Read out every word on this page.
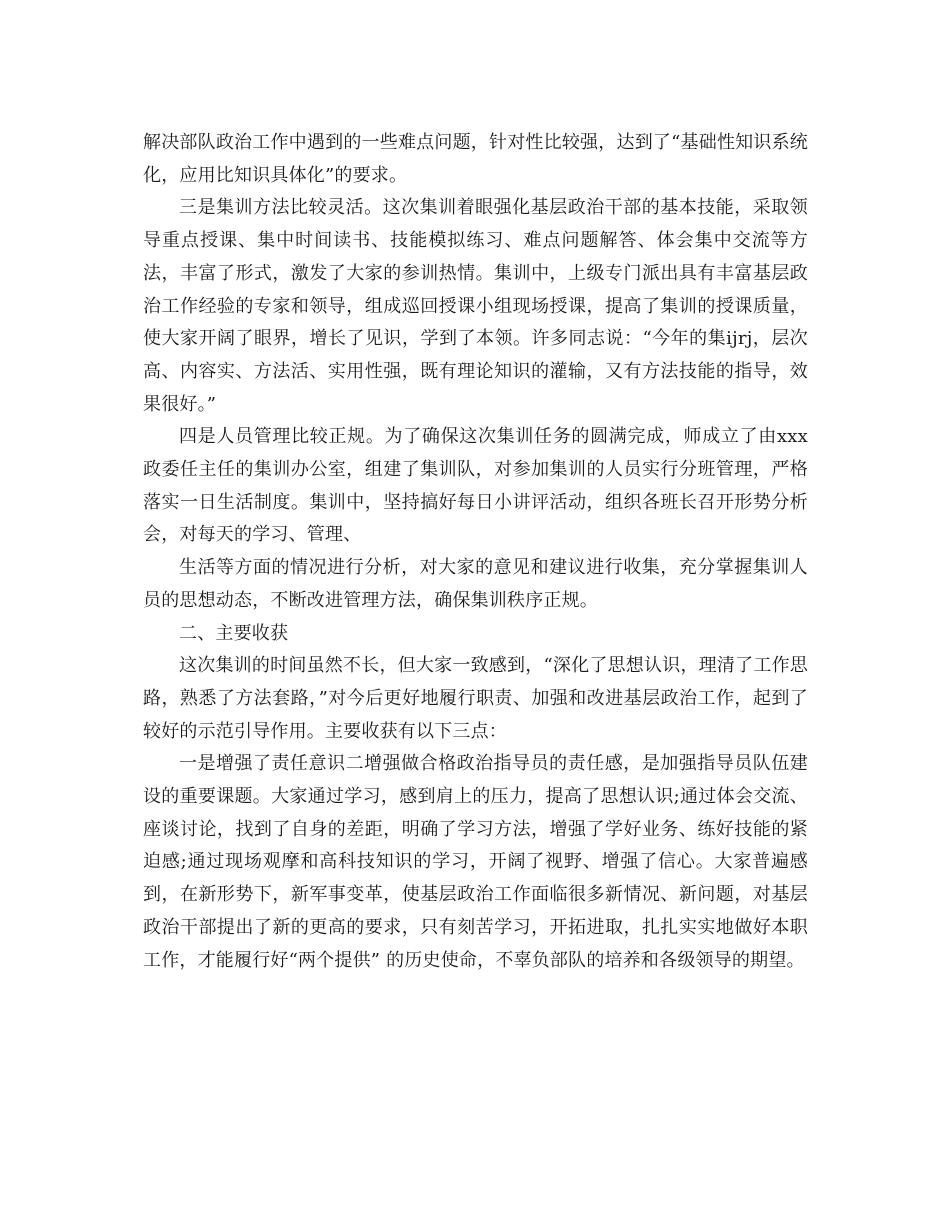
解决部队政治工作中遇到的一些难点问题，针对性比较强，达到了“基础性知识系统化，应用比知识具体化”的要求。

三是集训方法比较灵活。这次集训着眼强化基层政治干部的基本技能，采取领导重点授课、集中时间读书、技能模拟练习、难点问题解答、体会集中交流等方法，丰富了形式，激发了大家的参训热情。集训中，上级专门派出具有丰富基层政治工作经验的专家和领导，组成巡回授课小组现场授课，提高了集训的授课质量，使大家开阔了眼界，增长了见识，学到了本领。许多同志说：“今年的集ijrj，层次高、内容实、方法活、实用性强，既有理论知识的灌输，又有方法技能的指导，效果很好。”

四是人员管理比较正规。为了确保这次集训任务的圆满完成，师成立了由xxx政委任主任的集训办公室，组建了集训队，对参加集训的人员实行分班管理，严格落实一日生活制度。集训中，坚持搞好每日小讲评活动，组织各班长召开形势分析会，对每天的学习、管理、

生活等方面的情况进行分析，对大家的意见和建议进行收集，充分掌握集训人员的思想动态，不断改进管理方法，确保集训秩序正规。

二、主要收获

这次集训的时间虽然不长，但大家一致感到，“深化了思想认识，理清了工作思路，熟悉了方法套路，”对今后更好地履行职责、加强和改进基层政治工作，起到了较好的示范引导作用。主要收获有以下三点：

一是增强了责任意识二增强做合格政治指导员的责任感，是加强指导员队伍建设的重要课题。大家通过学习，感到肩上的压力，提高了思想认识;通过体会交流、座谈讨论，找到了自身的差距，明确了学习方法，增强了学好业务、练好技能的紧迫感;通过现场观摩和高科技知识的学习，开阔了视野、增强了信心。大家普遍感到，在新形势下，新军事变革，使基层政治工作面临很多新情况、新问题，对基层政治干部提出了新的更高的要求，只有刻苦学习，开拓进取，扎扎实实地做好本职工作，才能履行好“两个提供” 的历史使命，不辜负部队的培养和各级领导的期望。
